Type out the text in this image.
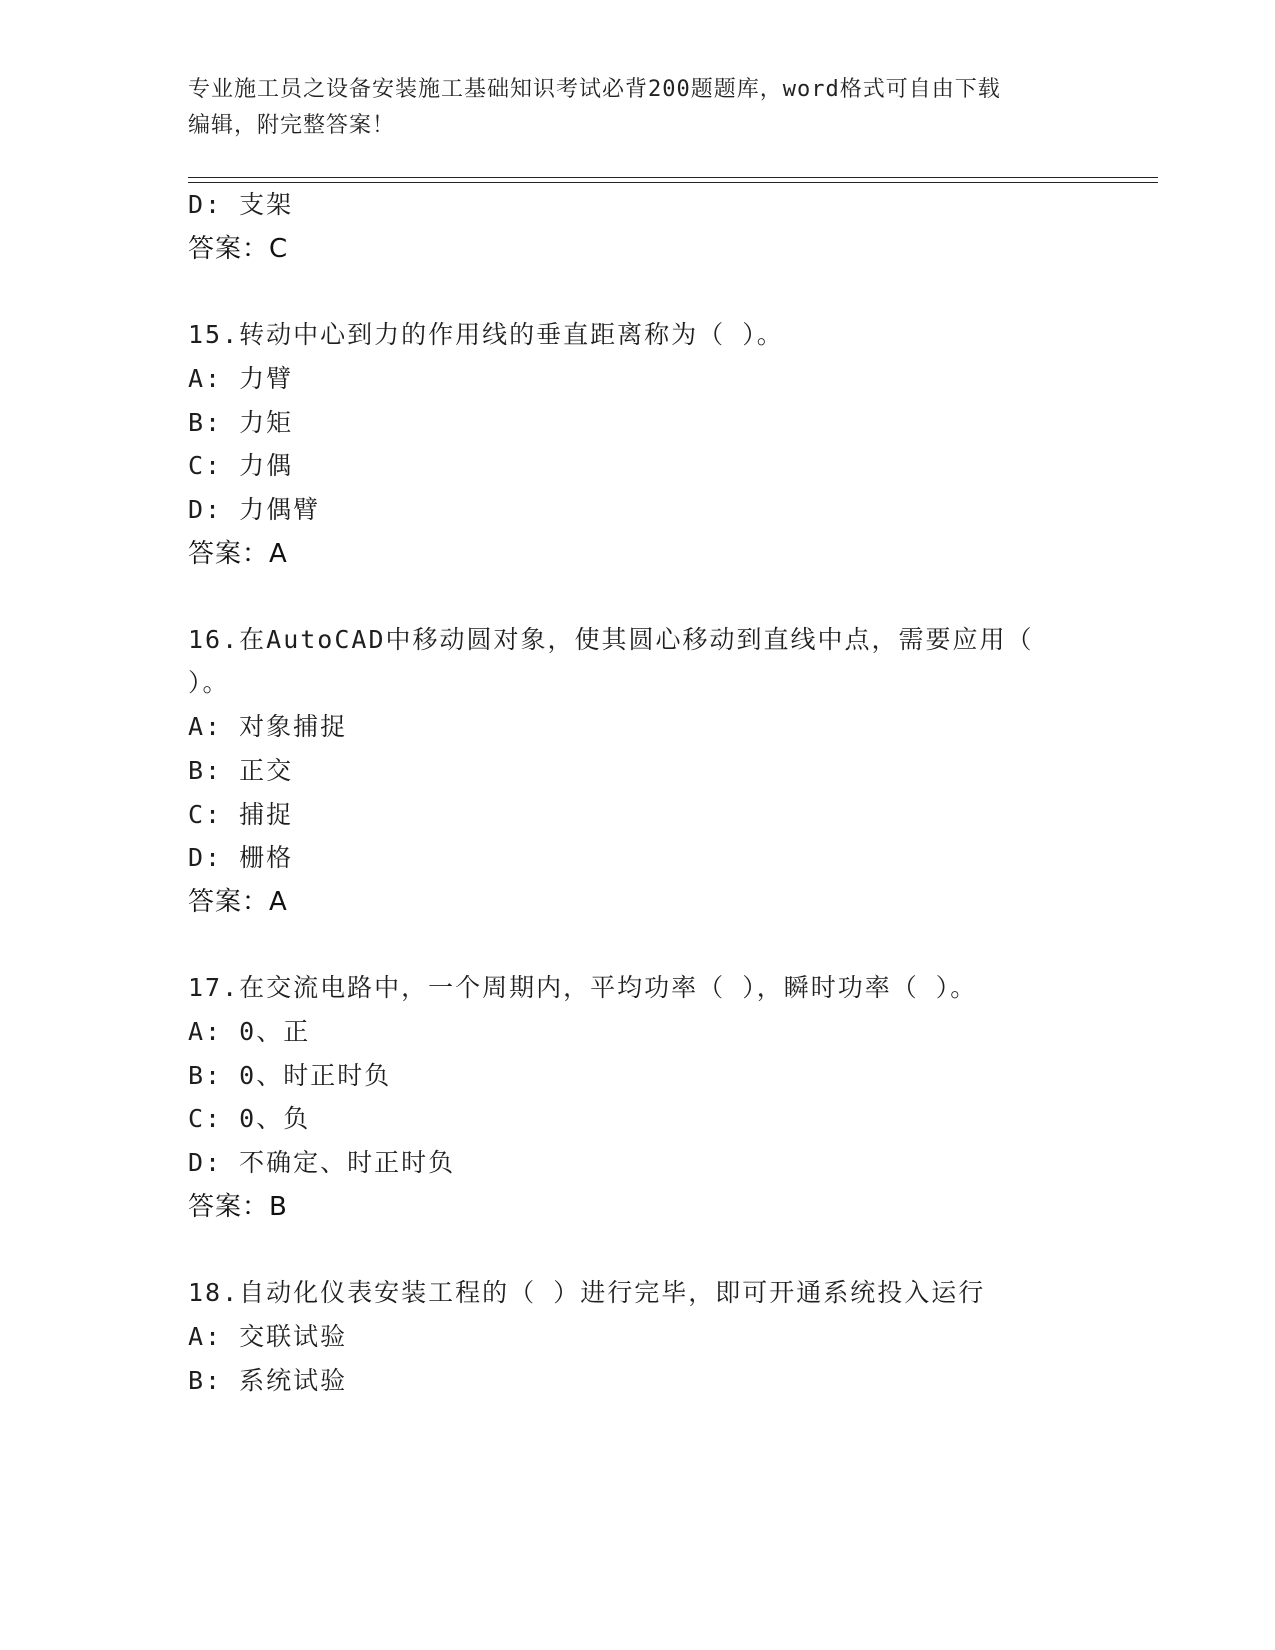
专业施工员之设备安装施工基础知识考试必背200题题库，word格式可自由下载
编辑，附完整答案！
D: 支架
答案：C
15.转动中心到力的作用线的垂直距离称为（ ）。
A: 力臂
B: 力矩
C: 力偶
D: 力偶臂
答案：A
16.在AutoCAD中移动圆对象，使其圆心移动到直线中点，需要应用（
）。
A: 对象捕捉
B: 正交
C: 捕捉
D: 栅格
答案：A
17.在交流电路中，一个周期内，平均功率（ ），瞬时功率（ ）。
A: 0、正
B: 0、时正时负
C: 0、负
D: 不确定、时正时负
答案：B
18.自动化仪表安装工程的（ ）进行完毕，即可开通系统投入运行
A: 交联试验
B: 系统试验
